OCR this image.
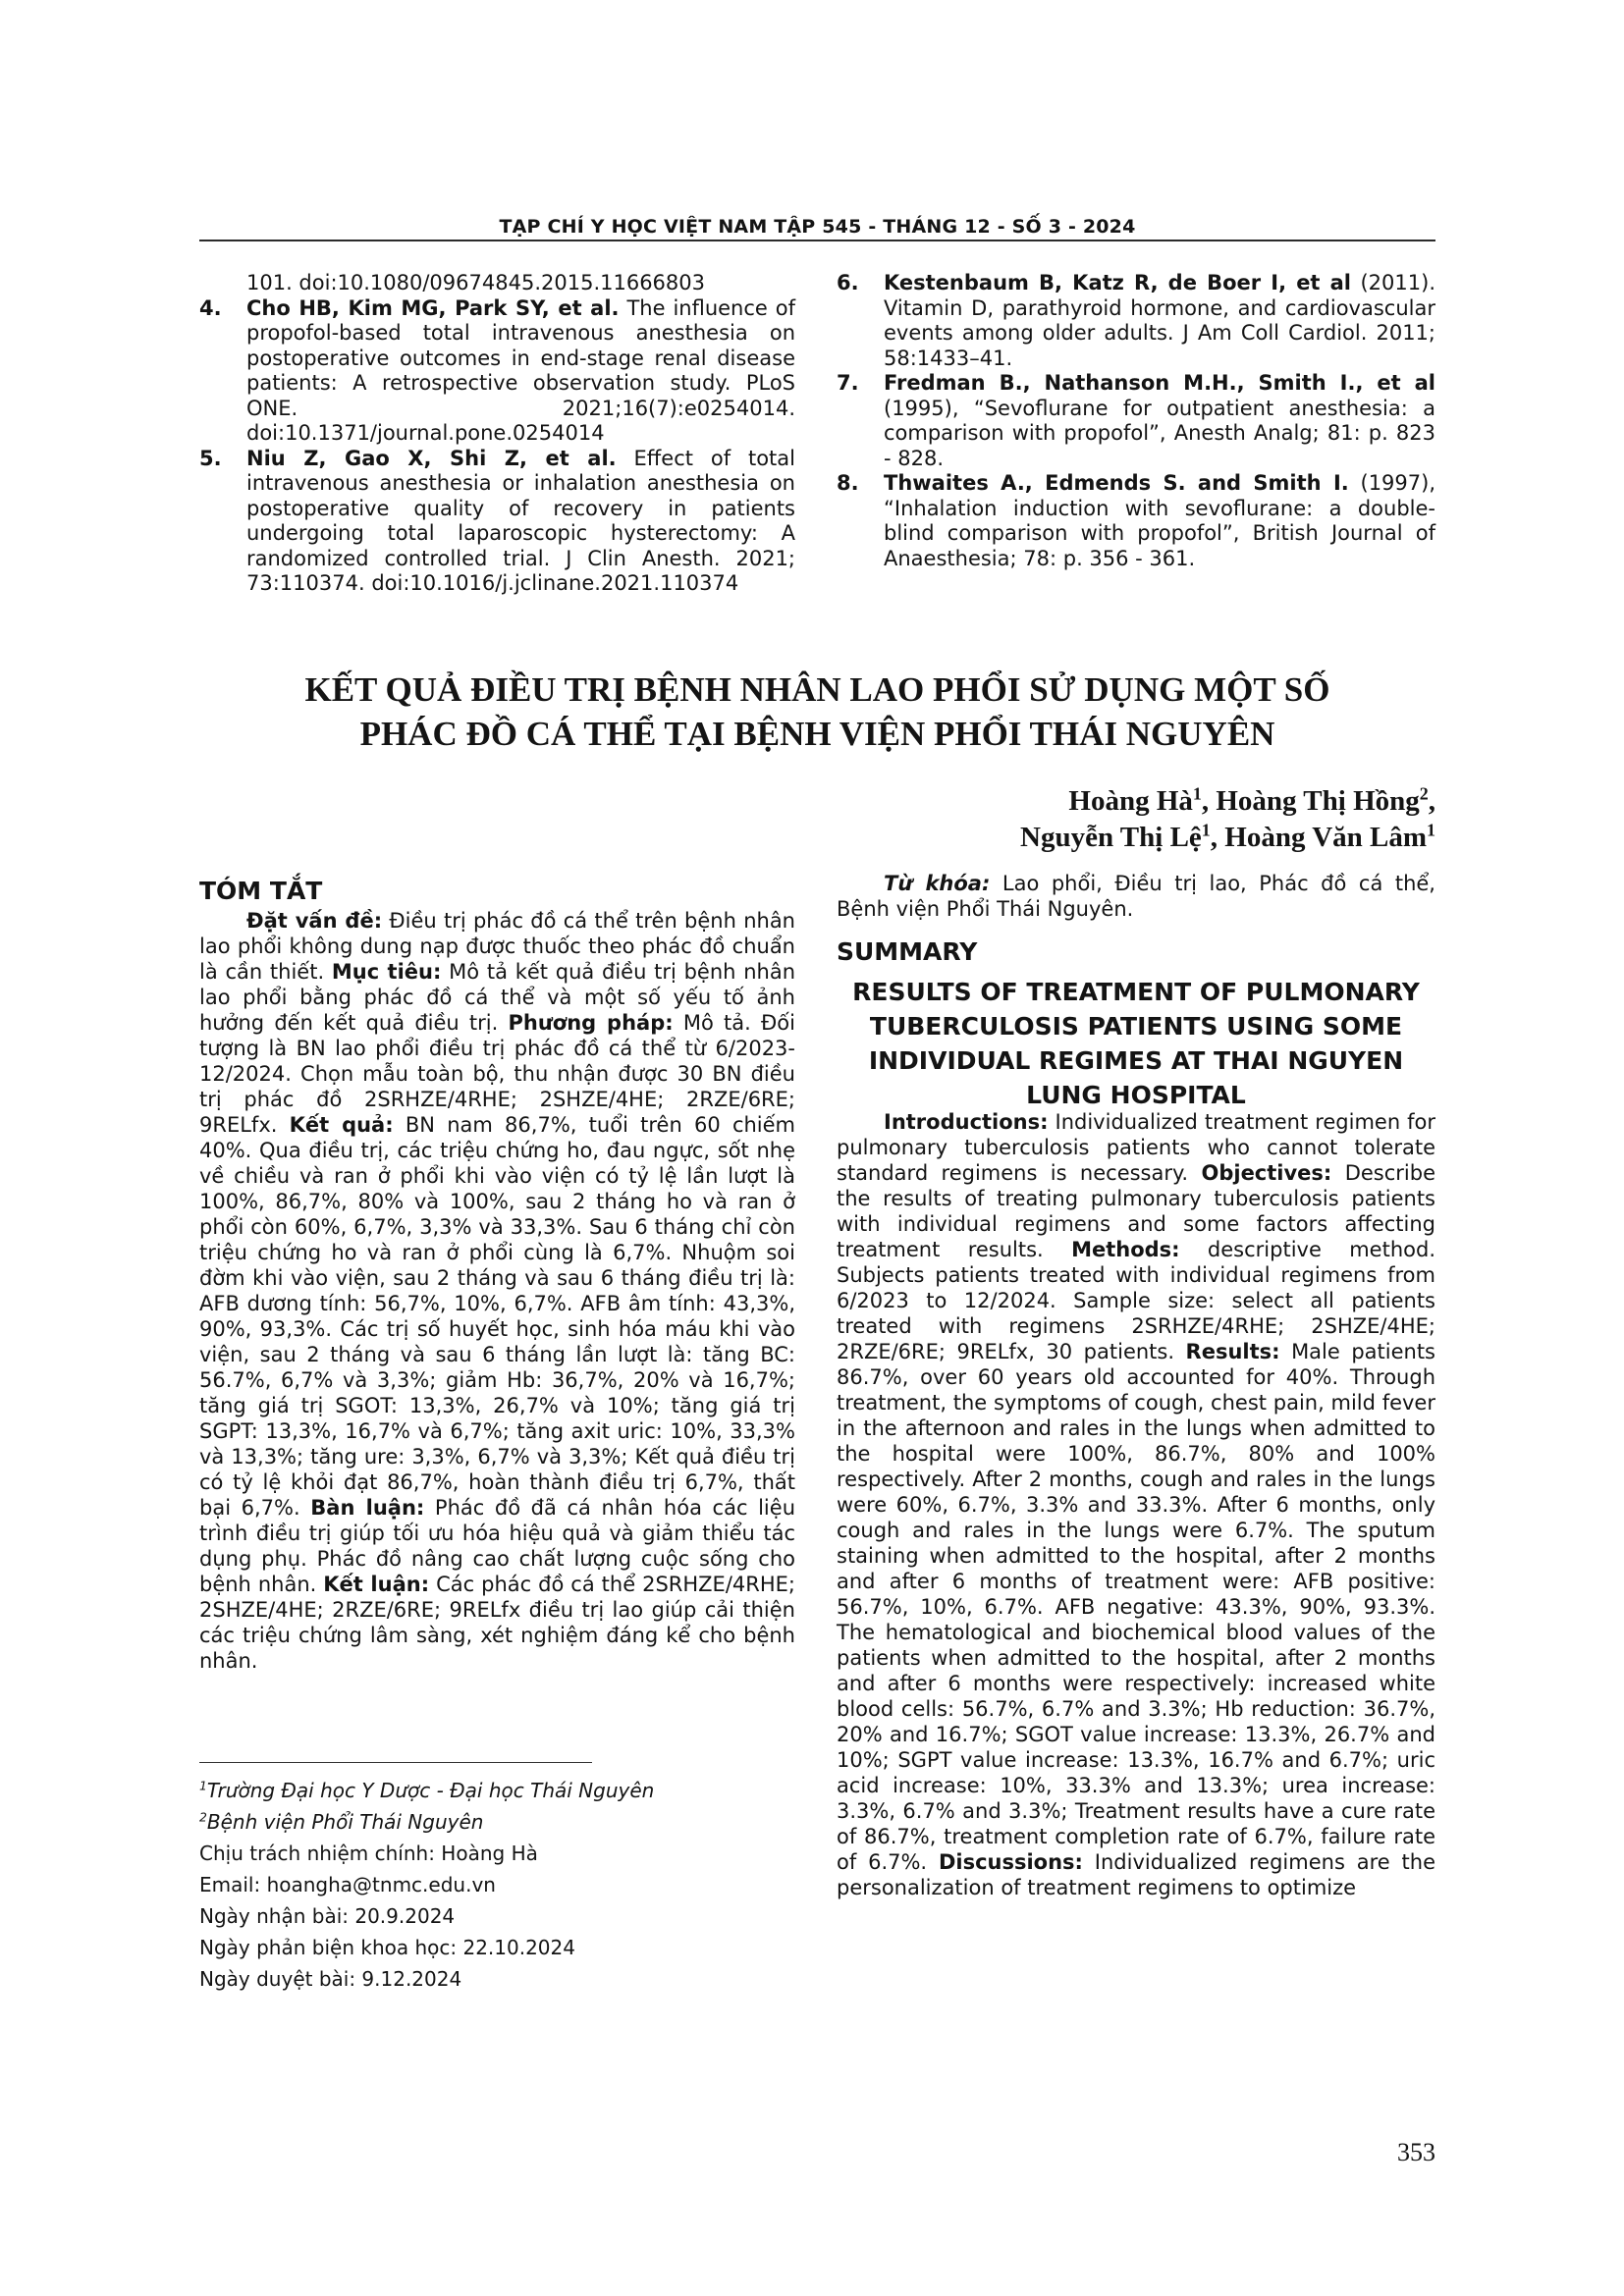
TẠP CHÍ Y HỌC VIỆT NAM TẬP 545 - THÁNG 12 - SỐ 3 - 2024
101. doi:10.1080/09674845.2015.11666803
4.	Cho HB, Kim MG, Park SY, et al. The influence of propofol-based total intravenous anesthesia on postoperative outcomes in end-stage renal disease patients: A retrospective observation study. PLoS ONE. 2021;16(7):e0254014. doi:10.1371/journal.pone.0254014
5.	Niu Z, Gao X, Shi Z, et al. Effect of total intravenous anesthesia or inhalation anesthesia on postoperative quality of recovery in patients undergoing total laparoscopic hysterectomy: A randomized controlled trial. J Clin Anesth. 2021; 73:110374. doi:10.1016/j.jclinane.2021.110374
6.	Kestenbaum B, Katz R, de Boer I, et al (2011). Vitamin D, parathyroid hormone, and cardiovascular events among older adults. J Am Coll Cardiol. 2011; 58:1433–41.
7.	Fredman B., Nathanson M.H., Smith I., et al (1995), “Sevoflurane for outpatient anesthesia: a comparison with propofol”, Anesth Analg; 81: p. 823 - 828.
8.	Thwaites A., Edmends S. and Smith I. (1997), “Inhalation induction with sevoflurane: a double-blind comparison with propofol”, British Journal of Anaesthesia; 78: p. 356 - 361.
KẾT QUẢ ĐIỀU TRỊ BỆNH NHÂN LAO PHỔI SỬ DỤNG MỘT SỐ
PHÁC ĐỒ CÁ THỂ TẠI BỆNH VIỆN PHỔI THÁI NGUYÊN
Hoàng $Hà^1$, Hoàng Thị Hồng$^2$,
Nguyễn Thị Lệ$^1$, Hoàng Văn Lâm$^1$
TÓM TẮT

Đặt vấn đề: Điều trị phác đồ cá thể trên bệnh nhân lao phổi không dung nạp được thuốc theo phác đồ chuẩn là cần thiết. Mục tiêu: Mô tả kết quả điều trị bệnh nhân lao phổi bằng phác đồ cá thể và một số yếu tố ảnh hưởng đến kết quả điều trị. Phương pháp: Mô tả. Đối tượng là BN lao phổi điều trị phác đồ cá thể từ 6/2023-12/2024. Chọn mẫu toàn bộ, thu nhận được 30 BN điều trị phác đồ 2SRHZE/4RHE; 2SHZE/4HE; 2RZE/6RE; 9RELfx. Kết quả: BN nam 86,7%, tuổi trên 60 chiếm 40%. Qua điều trị, các triệu chứng ho, đau ngực, sốt nhẹ về chiều và ran ở phổi khi vào viện có tỷ lệ lần lượt là 100%, 86,7%, 80% và 100%, sau 2 tháng ho và ran ở phổi còn 60%, 6,7%, 3,3% và 33,3%. Sau 6 tháng chỉ còn triệu chứng ho và ran ở phổi cùng là 6,7%. Nhuộm soi đờm khi vào viện, sau 2 tháng và sau 6 tháng điều trị là: AFB dương tính: 56,7%, 10%, 6,7%. AFB âm tính: 43,3%, 90%, 93,3%. Các trị số huyết học, sinh hóa máu khi vào viện, sau 2 tháng và sau 6 tháng lần lượt là: tăng BC: 56.7%, 6,7% và 3,3%; giảm Hb: 36,7%, 20% và 16,7%; tăng giá trị SGOT: 13,3%, 26,7% và 10%; tăng giá trị SGPT: 13,3%, 16,7% và 6,7%; tăng axit uric: 10%, 33,3% và 13,3%; tăng ure: 3,3%, 6,7% và 3,3%; Kết quả điều trị có tỷ lệ khỏi đạt 86,7%, hoàn thành điều trị 6,7%, thất bại 6,7%. Bàn luận: Phác đồ đã cá nhân hóa các liệu trình điều trị giúp tối ưu hóa hiệu quả và giảm thiểu tác dụng phụ. Phác đồ nâng cao chất lượng cuộc sống cho bệnh nhân. Kết luận: Các phác đồ cá thể 2SRHZE/4RHE; 2SHZE/4HE; 2RZE/6RE; 9RELfx điều trị lao giúp cải thiện các triệu chứng lâm sàng, xét nghiệm đáng kể cho bệnh nhân.

$^1$Trường Đại học Y Dược - Đại học Thái Nguyên
$^2$Bệnh viện Phổi Thái Nguyên
Chịu trách nhiệm chính: Hoàng Hà
Email: hoangha@tnmc.edu.vn
Ngày nhận bài: 20.9.2024
Ngày phản biện khoa học: 22.10.2024
Ngày duyệt bài: 9.12.2024

Từ khóa: Lao phổi, Điều trị lao, Phác đồ cá thể, Bệnh viện Phổi Thái Nguyên.

SUMMARY
RESULTS OF TREATMENT OF PULMONARY
TUBERCULOSIS PATIENTS USING SOME
INDIVIDUAL REGIMES AT THAI NGUYEN
LUNG HOSPITAL

Introductions: Individualized treatment regimen for pulmonary tuberculosis patients who cannot tolerate standard regimens is necessary. Objectives: Describe the results of treating pulmonary tuberculosis patients with individual regimens and some factors affecting treatment results. Methods: descriptive method. Subjects patients treated with individual regimens from 6/2023 to 12/2024. Sample size: select all patients treated with regimens 2SRHZE/4RHE; 2SHZE/4HE; 2RZE/6RE; 9RELfx, 30 patients. Results: Male patients 86.7%, over 60 years old accounted for 40%. Through treatment, the symptoms of cough, chest pain, mild fever in the afternoon and rales in the lungs when admitted to the hospital were 100%, 86.7%, 80% and 100% respectively. After 2 months, cough and rales in the lungs were 60%, 6.7%, 3.3% and 33.3%. After 6 months, only cough and rales in the lungs were 6.7%. The sputum staining when admitted to the hospital, after 2 months and after 6 months of treatment were: AFB positive: 56.7%, 10%, 6.7%. AFB negative: 43.3%, 90%, 93.3%. The hematological and biochemical blood values of the patients when admitted to the hospital, after 2 months and after 6 months were respectively: increased white blood cells: 56.7%, 6.7% and 3.3%; Hb reduction: 36.7%, 20% and 16.7%; SGOT value increase: 13.3%, 26.7% and 10%; SGPT value increase: 13.3%, 16.7% and 6.7%; uric acid increase: 10%, 33.3% and 13.3%; urea increase: 3.3%, 6.7% and 3.3%; Treatment results have a cure rate of 86.7%, treatment completion rate of 6.7%, failure rate of 6.7%. Discussions: Individualized regimens are the personalization of treatment regimens to optimize

353
